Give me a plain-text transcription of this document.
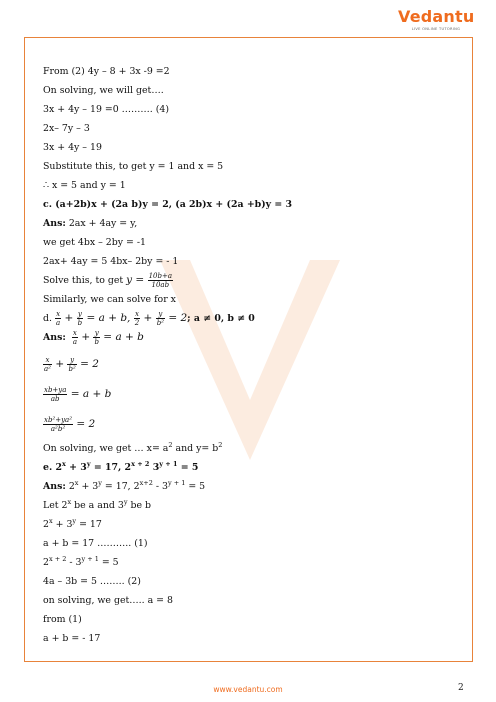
Vedantu
LIVE ONLINE TUTORING
From (2) 4y – 8 + 3x -9 =2
On solving, we will get….
3x + 4y – 19 =0 ………. (4)
2x– 7y – 3
3x + 4y – 19
Substitute this, to get y = 1 and x = 5
∴ x = 5 and y = 1
c. (a+2b)x + (2a b)y = 2, (a 2b)x + (2a +b)y = 3
Ans: 2ax + 4ay = y,
we get 4bx – 2by = -1
2ax+ 4ay = 5 4bx– 2by = - 1
Solve this, to get $y = \frac{10b+a}{10ab}$
Similarly, we can solve for x
d. $\frac{x}{a} + \frac{y}{b} = a + b$, $\frac{x}{2} + \frac{y}{\text{b²}} = 2$; a ≠ 0, b ≠ 0
Ans: $\frac{x}{a} + \frac{y}{b} = a + b$
$\frac{x}{\text{a²}} + \frac{y}{\text{b²}} = 2$
$\frac{xb+ya}{ab} = a + b$
$\frac{\text{xb²+ya²}}{\text{a²b²}} = 2$
On solving, we get … $x= a^2$ and $y= b^2$
e. $2^x + 3^y = 17$, $2^{x + 2}$ $3^{y + 1} = 5$
Ans: $2^x + 3^y = 17$, $2^{x+2} - 3^{y + 1} = 5$
Let 2$^x$ be a and 3$^y$ be b
$2^x + 3^y = 17$
a + b = 17 ……….. (1)
$2^{x + 2} - 3^{y + 1} = 5$
4a – 3b = 5 …….. (2)
on solving, we get….. a = 8
from (1)
a + b = - 17
www.vedantu.com	2
